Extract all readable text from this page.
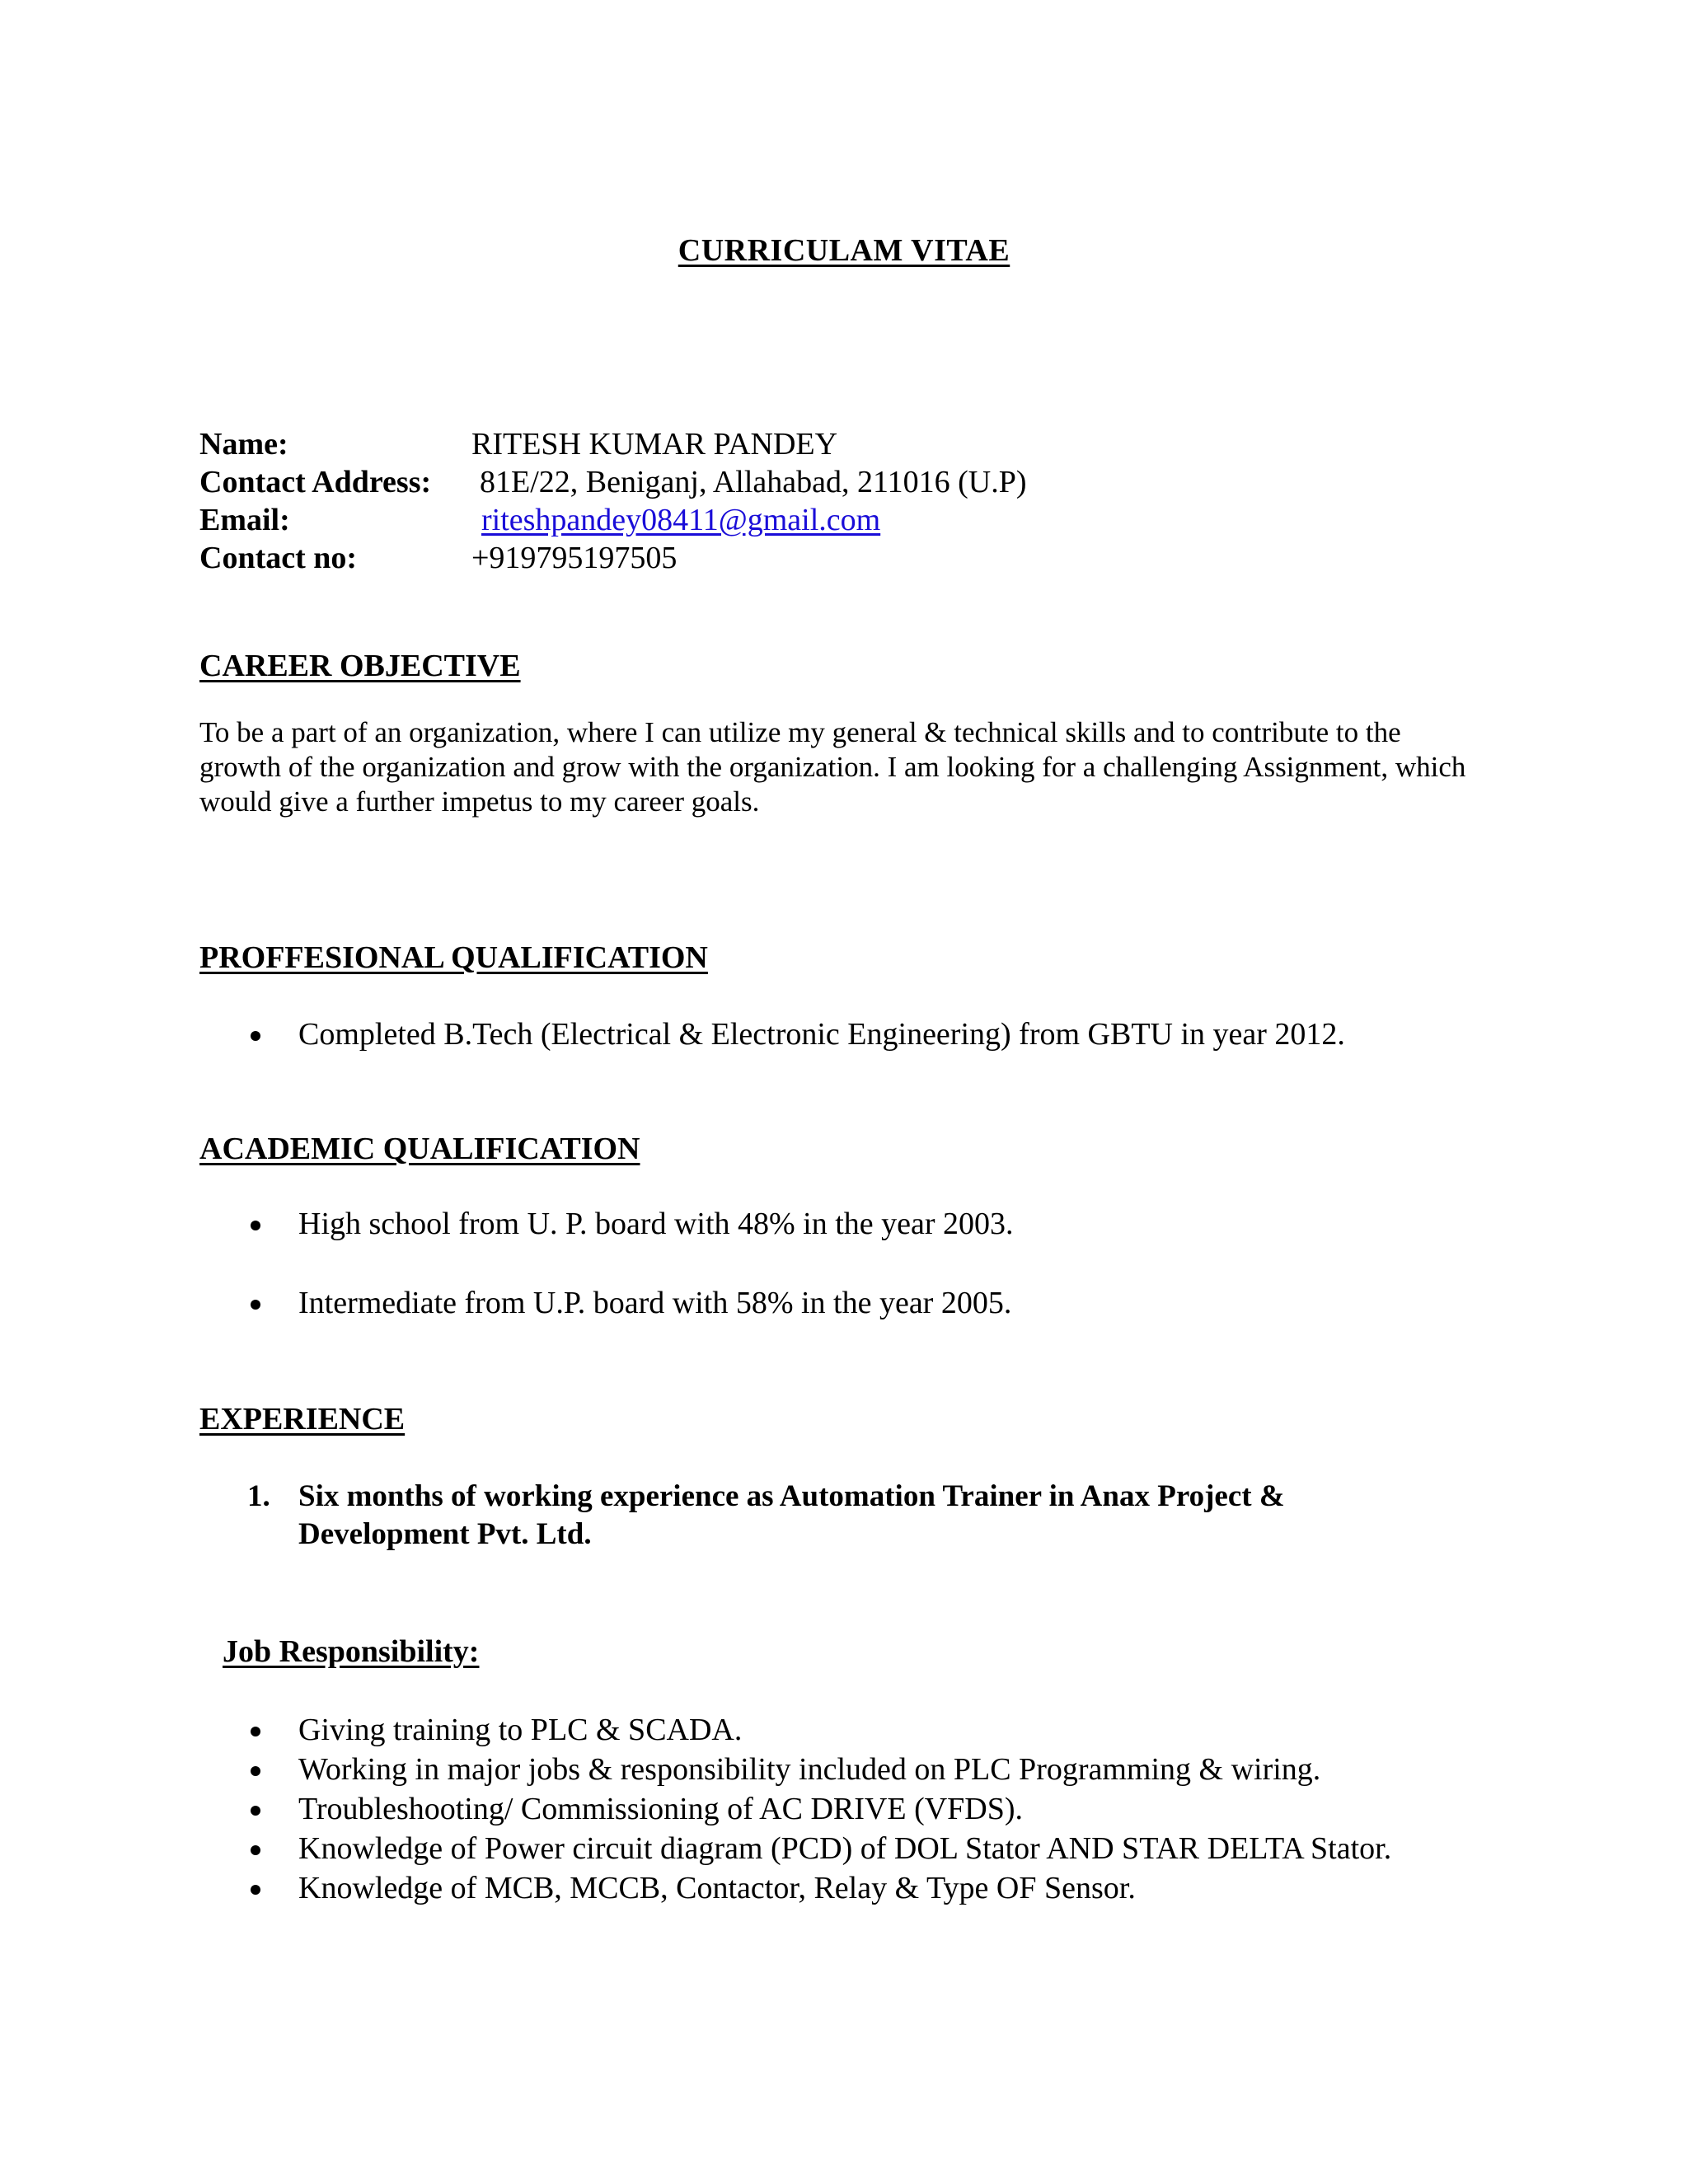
CURRICULAM VITAE
Name:	RITESH KUMAR PANDEY
Contact Address: 81E/22, Beniganj, Allahabad, 211016 (U.P)
Email:	riteshpandey08411@gmail.com
Contact no:	+919795197505
CAREER OBJECTIVE
To be a part of an organization, where I can utilize my general & technical skills and to contribute to the growth of the organization and grow with the organization. I am looking for a challenging Assignment, which would give a further impetus to my career goals.
PROFFESIONAL QUALIFICATION
Completed B.Tech (Electrical & Electronic Engineering) from GBTU in year 2012.
ACADEMIC QUALIFICATION
High school from U. P. board with 48% in the year 2003.
Intermediate from U.P. board with 58% in the year 2005.
EXPERIENCE
1. Six months of working experience as Automation Trainer in Anax Project & Development Pvt. Ltd.
Job Responsibility:
Giving training to PLC & SCADA.
Working in major jobs & responsibility included on PLC Programming & wiring.
Troubleshooting/ Commissioning of AC DRIVE (VFDS).
Knowledge of Power circuit diagram (PCD) of DOL Stator AND STAR DELTA Stator.
Knowledge of MCB, MCCB, Contactor, Relay & Type OF Sensor.
